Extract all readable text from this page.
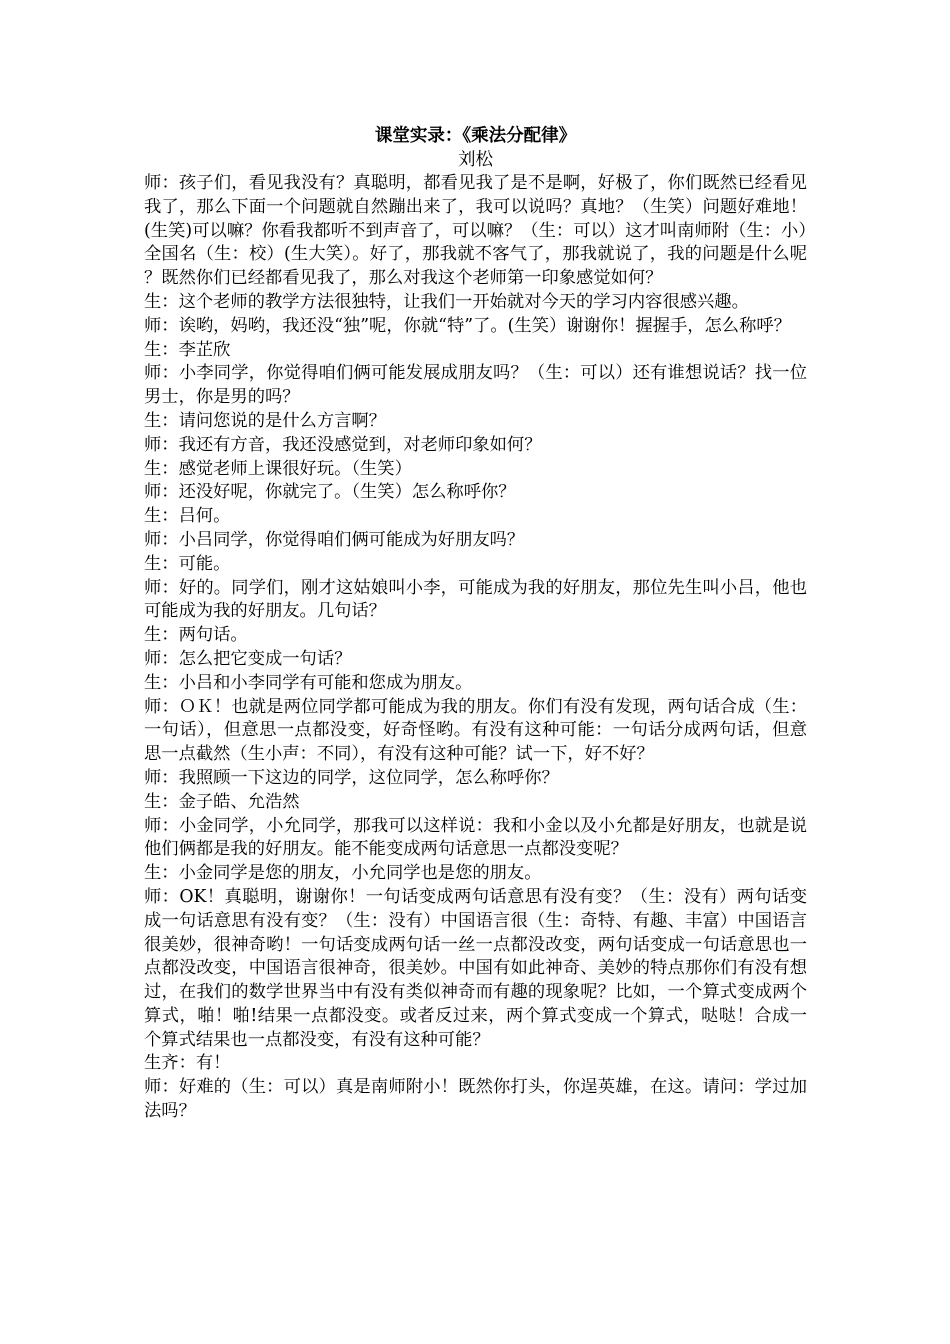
课堂实录：《乘法分配律》
刘松

师：孩子们，看见我没有？真聪明，都看见我了是不是啊，好极了，你们既然已经看见我了，那么下面一个问题就自然蹦出来了，我可以说吗？真地？（生笑）问题好难地！(生笑)可以嘛？你看我都听不到声音了，可以嘛？（生：可以）这才叫南师附（生：小）全国名（生：校）(生大笑）。好了，那我就不客气了，那我就说了，我的问题是什么呢？既然你们已经都看见我了，那么对我这个老师第一印象感觉如何？

生：这个老师的教学方法很独特，让我们一开始就对今天的学习内容很感兴趣。

师：诶哟，妈哟，我还没“独”呢，你就“特”了。(生笑）谢谢你！握握手，怎么称呼？

生：李芷欣

师：小李同学，你觉得咱们俩可能发展成朋友吗？（生：可以）还有谁想说话？找一位男士，你是男的吗？

生：请问您说的是什么方言啊？

师：我还有方音，我还没感觉到，对老师印象如何？

生：感觉老师上课很好玩。（生笑）

师：还没好呢，你就完了。（生笑）怎么称呼你？

生：吕何。

师：小吕同学，你觉得咱们俩可能成为好朋友吗？

生：可能。

师：好的。同学们，刚才这姑娘叫小李，可能成为我的好朋友，那位先生叫小吕，他也可能成为我的好朋友。几句话？

生：两句话。

师：怎么把它变成一句话？

生：小吕和小李同学有可能和您成为朋友。

师：ＯＫ！也就是两位同学都可能成为我的朋友。你们有没有发现，两句话合成（生：一句话），但意思一点都没变，好奇怪哟。有没有这种可能：一句话分成两句话，但意思一点截然（生小声：不同），有没有这种可能？试一下，好不好？

师：我照顾一下这边的同学，这位同学，怎么称呼你？

生：金子皓、允浩然

师：小金同学，小允同学，那我可以这样说：我和小金以及小允都是好朋友，也就是说他们俩都是我的好朋友。能不能变成两句话意思一点都没变呢？

生：小金同学是您的朋友，小允同学也是您的朋友。

师：OK！真聪明，谢谢你！一句话变成两句话意思有没有变？（生：没有）两句话变成一句话意思有没有变？（生：没有）中国语言很（生：奇特、有趣、丰富）中国语言很美妙，很神奇哟！一句话变成两句话一丝一点都没改变，两句话变成一句话意思也一点都没改变，中国语言很神奇，很美妙。中国有如此神奇、美妙的特点那你们有没有想过，在我们的数学世界当中有没有类似神奇而有趣的现象呢？比如，一个算式变成两个算式，啪！啪!结果一点都没变。或者反过来，两个算式变成一个算式，哒哒！合成一个算式结果也一点都没变，有没有这种可能？

生齐：有！

师：好难的（生：可以）真是南师附小！既然你打头，你逞英雄，在这。请问：学过加法吗？
